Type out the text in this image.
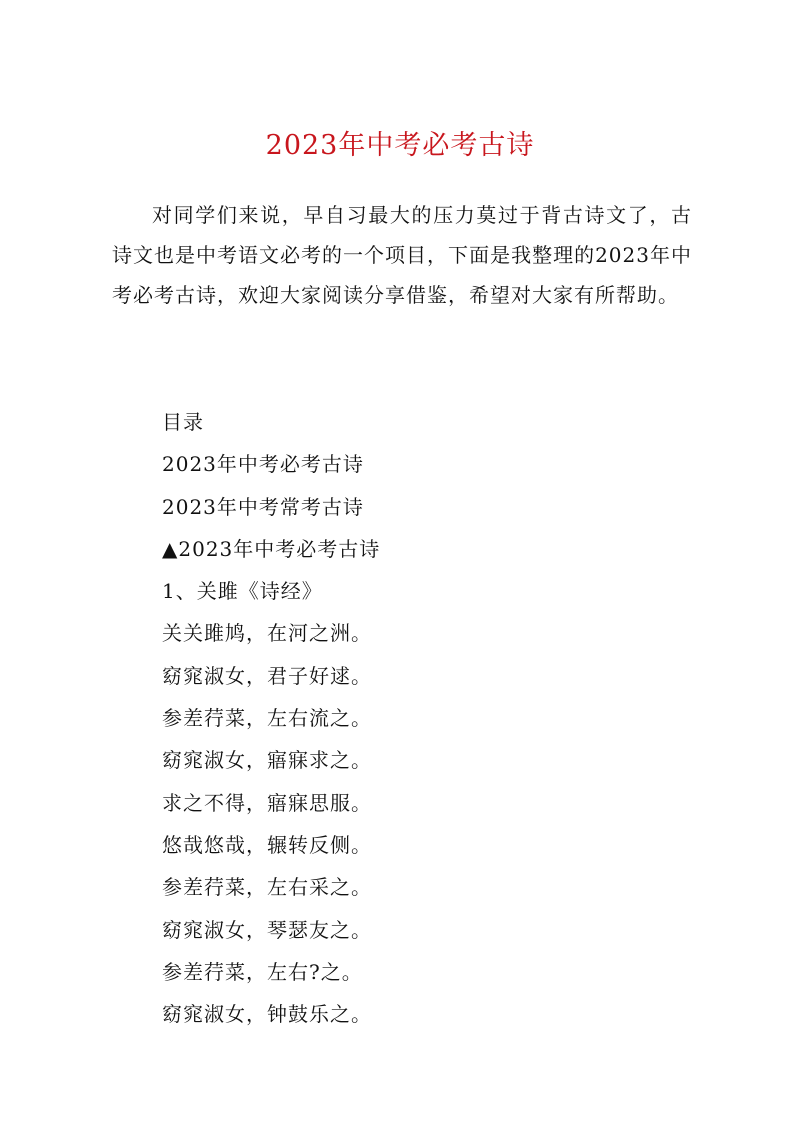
2023年中考必考古诗

对同学们来说，早自习最大的压力莫过于背古诗文了，古诗文也是中考语文必考的一个项目，下面是我整理的2023年中考必考古诗，欢迎大家阅读分享借鉴，希望对大家有所帮助。

目录
2023年中考必考古诗
2023年中考常考古诗
▲2023年中考必考古诗
1、关雎《诗经》
关关雎鸠，在河之洲。
窈窕淑女，君子好逑。
参差荇菜，左右流之。
窈窕淑女，寤寐求之。
求之不得，寤寐思服。
悠哉悠哉，辗转反侧。
参差荇菜，左右采之。
窈窕淑女，琴瑟友之。
参差荇菜，左右?之。
窈窕淑女，钟鼓乐之。
